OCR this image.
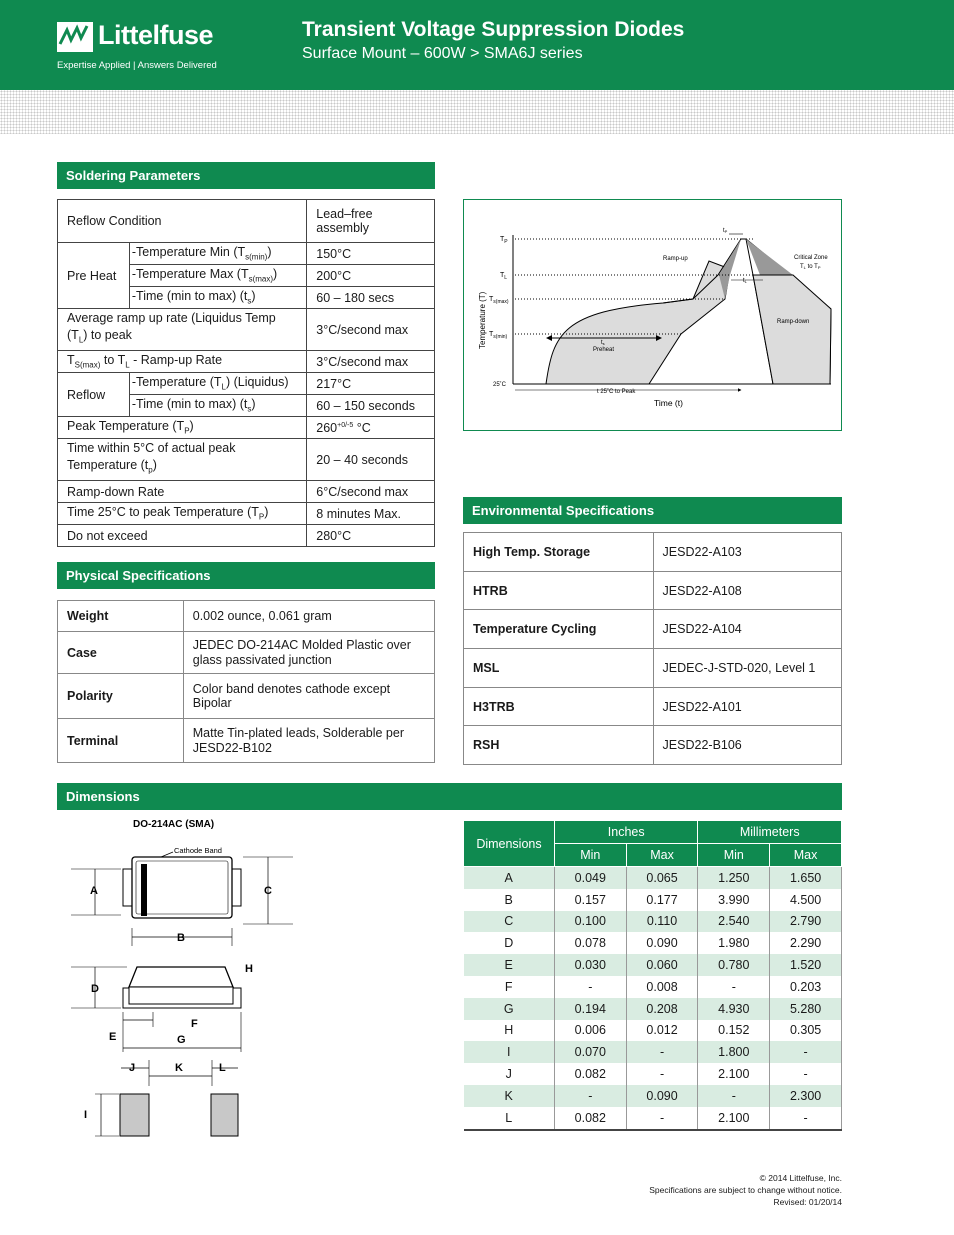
Littelfuse
Expertise Applied | Answers Delivered
Transient Voltage Suppression Diodes
Surface Mount – 600W > SMA6J series
Soldering Parameters
Reflow Condition		Lead–free assembly
Pre Heat	-Temperature Min $(T_{s(min)})$	150°C
	-Temperature Max $(T_{s(max)})$	200°C
	-Time (min to max) $(t_s)$	60 – 180 secs
Average ramp up rate (Liquidus Temp
$(T_L)$ to peak		3°C/second max
$T_{S(max)}$ to $T_L$ - Ramp-up Rate		3°C/second max
Reflow	-Temperature $(T_L)$ (Liquidus)	217°C
	-Time (min to max) $(t_s)$	60 – 150 seconds
Peak Temperature $(T_P)$		$260^{+0/-5}$ °C
Time within 5°C of actual peak
Temperature $(t_p)$		20 – 40 seconds
Ramp-down Rate		6°C/second max
Time 25°C to peak Temperature $(T_P)$		8 minutes Max.
Do not exceed		280°C
Temperature (T)
Time (t)
$T_P$
$T_L$
$T_{s(max)}$
$T_{s(min)}$
25˚C
Ramp-up
Ramp-down
Critical Zone
TL to TP
tP
tL
ts
Preheat
t 25˚C to Peak
Physical Specifications
Weight	0.002 ounce, 0.061 gram
Case	JEDEC DO-214AC Molded Plastic over glass passivated junction
Polarity	Color band denotes cathode except Bipolar
Terminal	Matte Tin-plated leads, Solderable per JESD22-B102
Environmental Specifications
High Temp. Storage	JESD22-A103
HTRB	JESD22-A108
Temperature Cycling	JESD22-A104
MSL	JEDEC-J-STD-020, Level 1
H3TRB	JESD22-A101
RSH	JESD22-B106
Dimensions
DO-214AC (SMA)
Cathode Band
A	C
B
D
H
E
F
G
J	K	L
I
Dimensions	Inches		Millimeters	
	Min	Max	Min	Max
A	0.049	0.065	1.250	1.650
B	0.157	0.177	3.990	4.500
C	0.100	0.110	2.540	2.790
D	0.078	0.090	1.980	2.290
E	0.030	0.060	0.780	1.520
F	-	0.008	-	0.203
G	0.194	0.208	4.930	5.280
H	0.006	0.012	0.152	0.305
I	0.070	-	1.800	-
J	0.082	-	2.100	-
K	-	0.090	-	2.300
L	0.082	-	2.100	-
© 2014 Littelfuse, Inc.
Specifications are subject to change without notice.
Revised: 01/20/14
